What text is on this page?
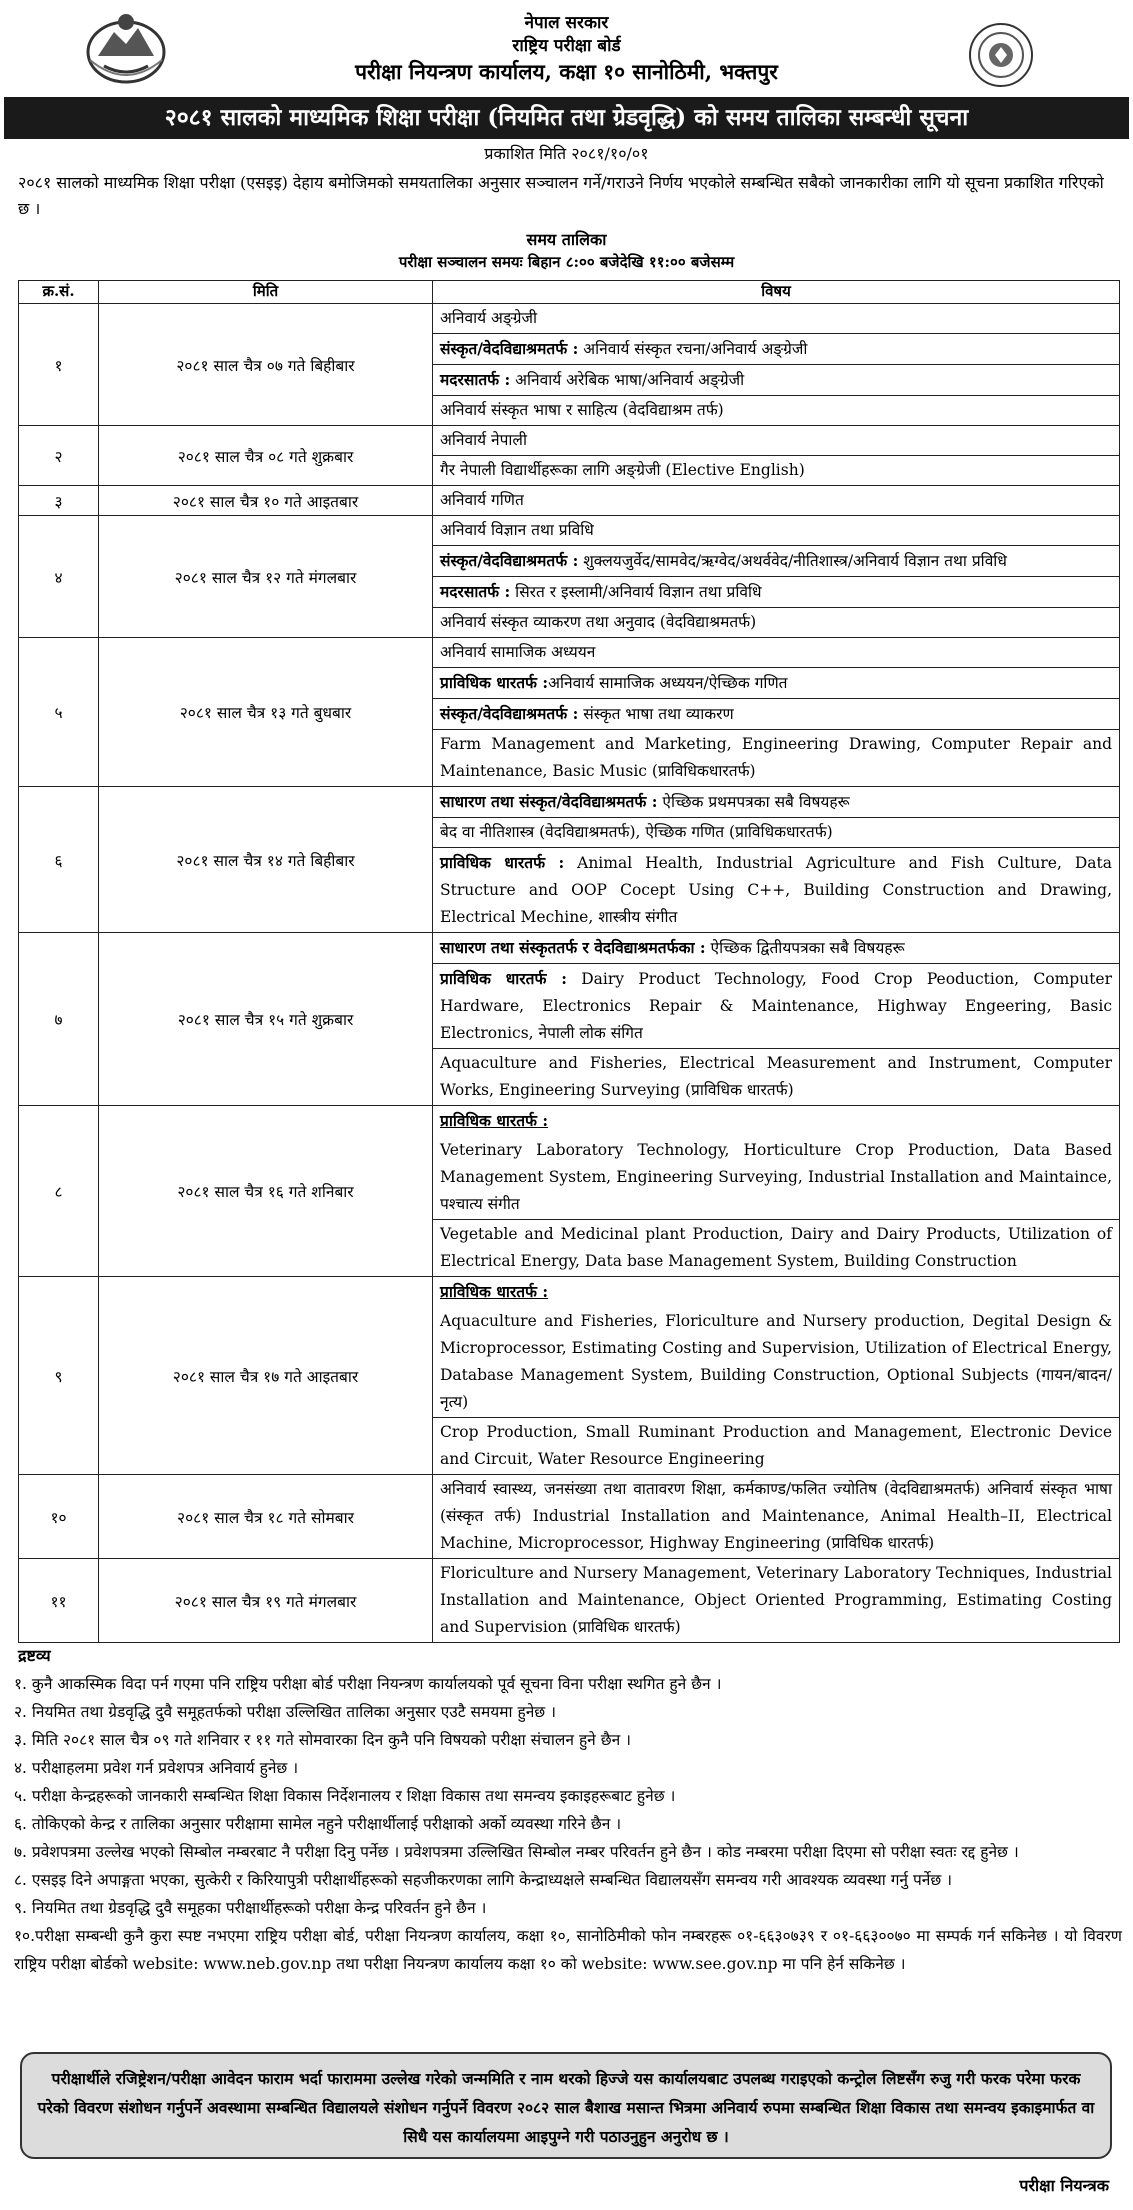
नेपाल सरकार
राष्ट्रिय परीक्षा बोर्ड
परीक्षा नियन्त्रण कार्यालय, कक्षा १० सानोठिमी, भक्तपुर
२०८१ सालको माध्यमिक शिक्षा परीक्षा (नियमित तथा ग्रेडवृद्धि) को समय तालिका सम्बन्धी सूचना
प्रकाशित मिति २०८१/१०/०१
२०८१ सालको माध्यमिक शिक्षा परीक्षा (एसइइ) देहाय बमोजिमको समयतालिका अनुसार सञ्चालन गर्ने/गराउने निर्णय भएकोले सम्बन्धित सबैको जानकारीका लागि यो सूचना प्रकाशित गरिएको छ ।
समय तालिका
परीक्षा सञ्चालन समयः बिहान ८:०० बजेदेखि ११:०० बजेसम्म
क्र.सं.	मिति	विषय
१	२०८१ साल चैत्र ०७ गते बिहीबार	अनिवार्य अङ्ग्रेजी
		संस्कृत/वेदविद्याश्रमतर्फ : अनिवार्य संस्कृत रचना/अनिवार्य अङ्ग्रेजी
		मदरसातर्फ : अनिवार्य अरेबिक भाषा/अनिवार्य अङ्ग्रेजी
		अनिवार्य संस्कृत भाषा र साहित्य (वेदविद्याश्रम तर्फ)
२	२०८१ साल चैत्र ०८ गते शुक्रबार	अनिवार्य नेपाली
		गैर नेपाली विद्यार्थीहरूका लागि अङ्ग्रेजी (Elective English)
३	२०८१ साल चैत्र १० गते आइतबार	अनिवार्य गणित
४	२०८१ साल चैत्र १२ गते मंगलबार	अनिवार्य विज्ञान तथा प्रविधि
		संस्कृत/वेदविद्याश्रमतर्फ : शुक्लयजुर्वेद/सामवेद/ऋग्वेद/अथर्ववेद/नीतिशास्त्र/अनिवार्य विज्ञान तथा प्रविधि
		मदरसातर्फ : सिरत र इस्लामी/अनिवार्य विज्ञान तथा प्रविधि
		अनिवार्य संस्कृत व्याकरण तथा अनुवाद (वेदविद्याश्रमतर्फ)
५	२०८१ साल चैत्र १३ गते बुधबार	अनिवार्य सामाजिक अध्ययन
		प्राविधिक धारतर्फ :अनिवार्य सामाजिक अध्ययन/ऐच्छिक गणित
		संस्कृत/वेदविद्याश्रमतर्फ : संस्कृत भाषा तथा व्याकरण
		Farm Management and Marketing, Engineering Drawing, Computer Repair and Maintenance, Basic Music (प्राविधिकधारतर्फ)
६	२०८१ साल चैत्र १४ गते बिहीबार	साधारण तथा संस्कृत/वेदविद्याश्रमतर्फ : ऐच्छिक प्रथमपत्रका सबै विषयहरू
		बेद वा नीतिशास्त्र (वेदविद्याश्रमतर्फ), ऐच्छिक गणित (प्राविधिकधारतर्फ)
		प्राविधिक धारतर्फ : Animal Health, Industrial Agriculture and Fish Culture, Data Structure and OOP Cocept Using C++, Building Construction and Drawing, Electrical Mechine, शास्त्रीय संगीत
७	२०८१ साल चैत्र १५ गते शुक्रबार	साधारण तथा संस्कृततर्फ र वेदविद्याश्रमतर्फका : ऐच्छिक द्वितीयपत्रका सबै विषयहरू
		प्राविधिक धारतर्फ : Dairy Product Technology, Food Crop Peoduction, Computer Hardware, Electronics Repair & Maintenance, Highway Engeering, Basic Electronics, नेपाली लोक संगित
		Aquaculture and Fisheries, Electrical Measurement and Instrument, Computer Works, Engineering Surveying (प्राविधिक धारतर्फ)
८	२०८१ साल चैत्र १६ गते शनिबार	प्राविधिक धारतर्फ :
		Veterinary Laboratory Technology, Horticulture Crop Production, Data Based Management System, Engineering Surveying, Industrial Installation and Maintaince, पश्चात्य संगीत
		Vegetable and Medicinal plant Production, Dairy and Dairy Products, Utilization of Electrical Energy, Data base Management System, Building Construction
९	२०८१ साल चैत्र १७ गते आइतबार	प्राविधिक धारतर्फ :
		Aquaculture and Fisheries, Floriculture and Nursery production, Degital Design & Microprocessor, Estimating Costing and Supervision, Utilization of Electrical Energy, Database Management System, Building Construction, Optional Subjects (गायन/बादन/नृत्य)
		Crop Production, Small Ruminant Production and Management, Electronic Device and Circuit, Water Resource Engineering
१०	२०८१ साल चैत्र १८ गते सोमबार	अनिवार्य स्वास्थ्य, जनसंख्या तथा वातावरण शिक्षा, कर्मकाण्ड/फलित ज्योतिष (वेदविद्याश्रमतर्फ) अनिवार्य संस्कृत भाषा (संस्कृत तर्फ) Industrial Installation and Maintenance, Animal Health–II, Electrical Machine, Microprocessor, Highway Engineering (प्राविधिक धारतर्फ)
११	२०८१ साल चैत्र १९ गते मंगलबार	Floriculture and Nursery Management, Veterinary Laboratory Techniques, Industrial Installation and Maintenance, Object Oriented Programming, Estimating Costing and Supervision (प्राविधिक धारतर्फ)
द्रष्टव्य
१. कुनै आकस्मिक विदा पर्न गएमा पनि राष्ट्रिय परीक्षा बोर्ड परीक्षा नियन्त्रण कार्यालयको पूर्व सूचना विना परीक्षा स्थगित हुने छैन ।
२. नियमित तथा ग्रेडवृद्धि दुवै समूहतर्फको परीक्षा उल्लिखित तालिका अनुसार एउटै समयमा हुनेछ ।
३. मिति २०८१ साल चैत्र ०९ गते शनिवार र ११ गते सोमवारका दिन कुनै पनि विषयको परीक्षा संचालन हुने छैन ।
४. परीक्षाहलमा प्रवेश गर्न प्रवेशपत्र अनिवार्य हुनेछ ।
५. परीक्षा केन्द्रहरूको जानकारी सम्बन्धित शिक्षा विकास निर्देशनालय र शिक्षा विकास तथा समन्वय इकाइहरूबाट हुनेछ ।
६. तोकिएको केन्द्र र तालिका अनुसार परीक्षामा सामेल नहुने परीक्षार्थीलाई परीक्षाको अर्को व्यवस्था गरिने छैन ।
७. प्रवेशपत्रमा उल्लेख भएको सिम्बोल नम्बरबाट नै परीक्षा दिनु पर्नेछ । प्रवेशपत्रमा उल्लिखित सिम्बोल नम्बर परिवर्तन हुने छैन । कोड नम्बरमा परीक्षा दिएमा सो परीक्षा स्वतः रद्द हुनेछ ।
८. एसइइ दिने अपाङ्गता भएका, सुत्केरी र किरियापुत्री परीक्षार्थीहरूको सहजीकरणका लागि केन्द्राध्यक्षले सम्बन्धित विद्यालयसँग समन्वय गरी आवश्यक व्यवस्था गर्नु पर्नेछ ।
९. नियमित तथा ग्रेडवृद्धि दुवै समूहका परीक्षार्थीहरूको परीक्षा केन्द्र परिवर्तन हुने छैन ।
१०.परीक्षा सम्बन्धी कुनै कुरा स्पष्ट नभएमा राष्ट्रिय परीक्षा बोर्ड, परीक्षा नियन्त्रण कार्यालय, कक्षा १०, सानोठिमीको फोन नम्बरहरू ०१-६६३०७३९ र ०१-६६३००७० मा सम्पर्क गर्न सकिनेछ । यो विवरण राष्ट्रिय परीक्षा बोर्डको website: www.neb.gov.np तथा परीक्षा नियन्त्रण कार्यालय कक्षा १० को website: www.see.gov.np मा पनि हेर्न सकिनेछ ।
परीक्षार्थीले रजिष्ट्रेशन/परीक्षा आवेदन फाराम भर्दा फाराममा उल्लेख गरेको जन्ममिति र नाम थरको हिज्जे यस कार्यालयबाट उपलब्ध गराइएको कन्ट्रोल लिष्टसँग रुजु गरी फरक परेमा फरक परेको विवरण संशोधन गर्नुपर्ने अवस्थामा सम्बन्धित विद्यालयले संशोधन गर्नुपर्ने विवरण २०८२ साल बैशाख मसान्त भित्रमा अनिवार्य रुपमा सम्बन्धित शिक्षा विकास तथा समन्वय इकाइमार्फत वा सिधै यस कार्यालयमा आइपुग्ने गरी पठाउनुहुन अनुरोध छ ।
परीक्षा नियन्त्रक
